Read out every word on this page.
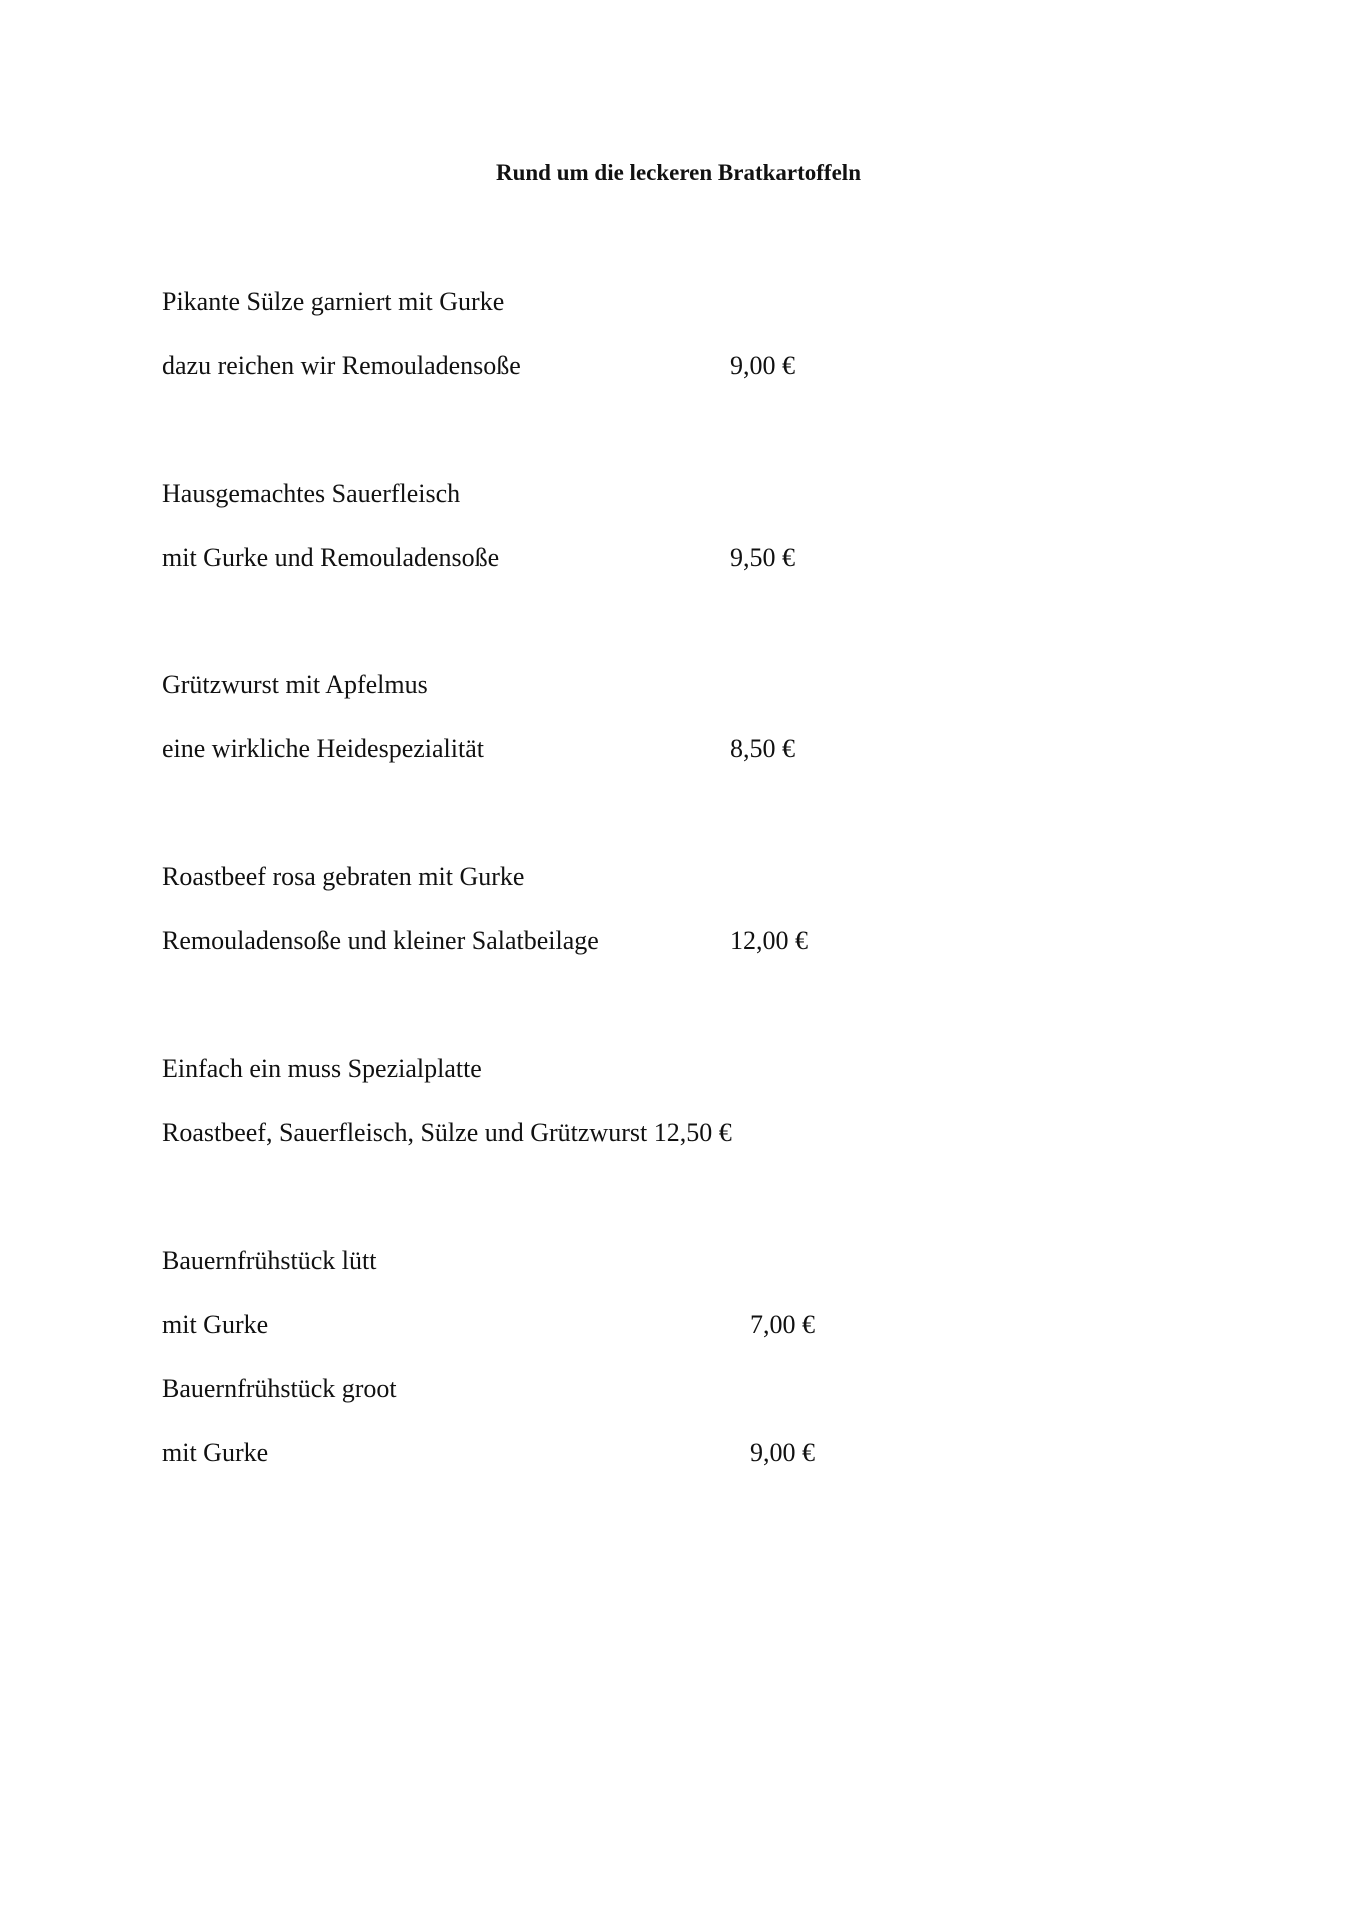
Rund um die leckeren Bratkartoffeln

Pikante Sülze garniert mit Gurke

dazu reichen wir Remouladensoße	9,00 €

Hausgemachtes Sauerfleisch

mit Gurke und Remouladensoße	9,50 €

Grützwurst mit Apfelmus

eine wirkliche Heidespezialität	8,50 €

Roastbeef rosa gebraten mit Gurke

Remouladensoße und kleiner Salatbeilage	12,00 €

Einfach ein muss Spezialplatte

Roastbeef, Sauerfleisch, Sülze und Grützwurst 12,50 €

Bauernfrühstück lütt

mit Gurke	7,00 €

Bauernfrühstück groot

mit Gurke	9,00 €
